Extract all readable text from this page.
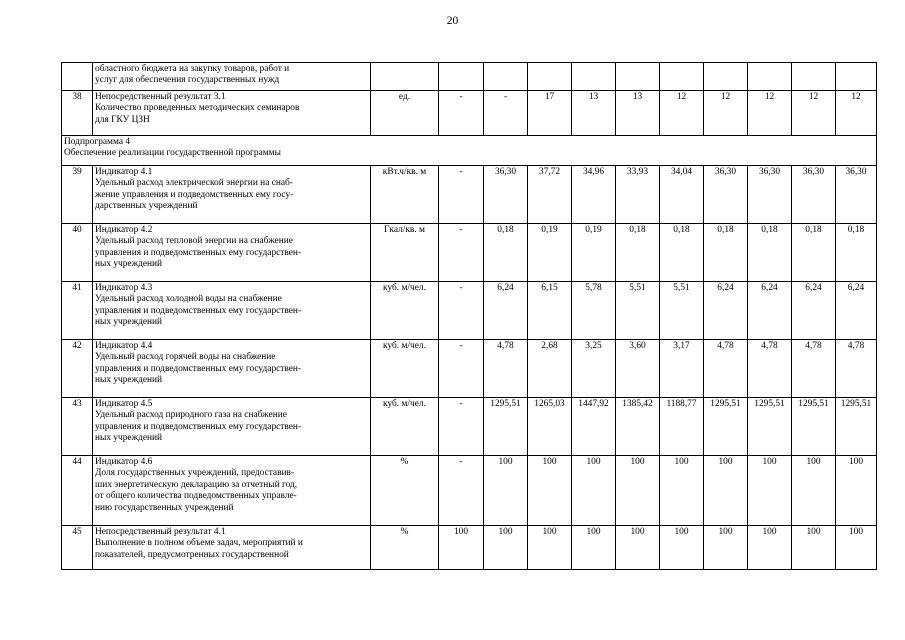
20

	областного бюджета на закупку товаров, работ и
услуг для обеспечения государственных нужд											

38	Непосредственный результат 3.1
Количество проведенных методических семинаров
для ГКУ ЦЗН	ед.	-	-	17	13	13	12	12	12	12	12

Подпрограмма 4
Обеспечение реализации государственной программы												

39	Индикатор 4.1
Удельный расход электрической энергии на снаб-
жение управления и подведомственных ему госу-
дарственных учреждений	кВт.ч/кв. м	-	36,30	37,72	34,96	33,93	34,04	36,30	36,30	36,30	36,30
40	Индикатор 4.2
Удельный расход тепловой энергии на снабжение
управления и подведомственных ему государствен-
ных учреждений	Гкал/кв. м	-	0,18	0,19	0,19	0,18	0,18	0,18	0,18	0,18	0,18
41	Индикатор 4.3
Удельный расход холодной воды на снабжение
управления и подведомственных ему государствен-
ных учреждений	куб. м/чел.	-	6,24	6,15	5,78	5,51	5,51	6,24	6,24	6,24	6,24
42	Индикатор 4.4
Удельный расход горячей воды на снабжение
управления и подведомственных ему государствен-
ных учреждений	куб. м/чел.	-	4,78	2,68	3,25	3,60	3,17	4,78	4,78	4,78	4,78
43	Индикатор 4.5
Удельный расход природного газа на снабжение
управления и подведомственных ему государствен-
ных учреждений	куб. м/чел.	-	1295,51	1265,03	1447,92	1385,42	1188,77	1295,51	1295,51	1295,51	1295,51
44	Индикатор 4.6
Доля государственных учреждений, предоставив-
ших энергетическую декларацию за отчетный год,
от общего количества подведомственных управле-
нию государственных учреждений	%	-	100	100	100	100	100	100	100	100	100
45	Непосредственный результат 4.1
Выполнение в полном объеме задач, мероприятий и
показателей, предусмотренных государственной	%	100	100	100	100	100	100	100	100	100	100
